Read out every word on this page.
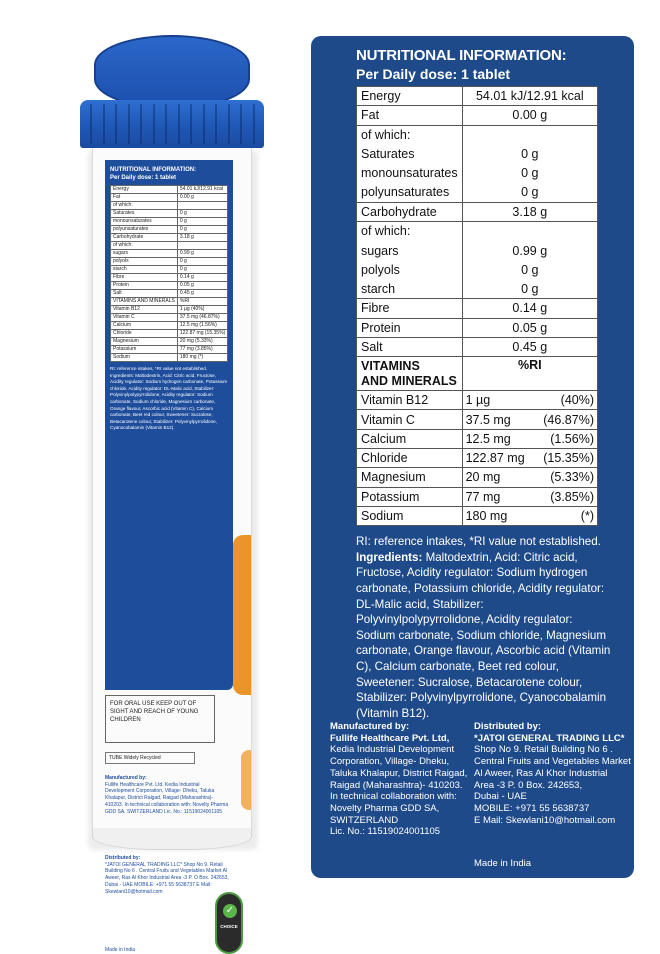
NUTRITIONAL INFORMATION:
Per Daily dose: 1 tablet
Energy	54.01 kJ/12.91 kcal
Fat	0.00 g
of which:	
Saturates	0 g
monounsaturates	0 g
polyunsaturates	0 g
Carbohydrate	3.18 g
of which:	
sugars	0.99 g
polyols	0 g
starch	0 g
Fibre	0.14 g
Protein	0.05 g
Salt	0.45 g
VITAMINS AND MINERALS	%RI
Vitamin B12	1 µg (40%)
Vitamin C	37.5 mg (46.87%)
Calcium	12.5 mg (1.56%)
Chloride	122.87 mg (15.35%)
Magnesium	20 mg (5.33%)
Potassium	77 mg (3.85%)
Sodium	180 mg (*)
RI: reference intakes, *RI value not established. Ingredients: Maltodextrin, Acid: Citric acid, Fructose, Acidity regulator: Sodium hydrogen carbonate, Potassium chloride, Acidity regulator: DL-Malic acid, Stabilizer: Polyvinylpolypyrrolidone, Acidity regulator: Sodium carbonate, Sodium chloride, Magnesium carbonate, Orange flavour, Ascorbic acid (Vitamin C), Calcium carbonate, Beet red colour, Sweetener: Sucralose, Betacarotene colour, Stabilizer: Polyvinylpyrrolidone, Cyanocobalamin (Vitamin B12).
FOR ORAL USE KEEP OUT OF SIGHT AND REACH OF YOUNG CHILDREN
TUBE Widely Recycled
Manufactured by:
Fullife Healthcare Pvt. Ltd. Kedia Industrial Development Corporation, Village- Dheku, Taluka Khalapur, District Raigad, Raigad (Maharashtra)- 410203. In technical collaboration with: Novelty Pharma GDD SA, SWITZERLAND Lic. No.: 11519024001105
Distributed by:
*JATOI GENERAL TRADING LLC* Shop No 9. Retail Building No 6 . Central Fruits and Vegetables Market Al Aweer, Ras Al Khor Industrial Area -3 P. O Box. 242653, Dubai - UAE MOBILE: +971 55 5638737 E Mail: Skewlani10@hotmail.com
Made in India
✓
CHOICE
NUTRITIONAL INFORMATION:
Per Daily dose: 1 tablet
Energy	54.01 kJ/12.91 kcal
Fat	0.00 g
of which:	
Saturates	0 g
monounsaturates	0 g
polyunsaturates	0 g
Carbohydrate	3.18 g
of which:	
sugars	0.99 g
polyols	0 g
starch	0 g
Fibre	0.14 g
Protein	0.05 g
Salt	0.45 g

VITAMINS
AND MINERALS	%RI
Vitamin B12	1 µg (40%)

Vitamin C	37.5 mg (46.87%)

Calcium	12.5 mg (1.56%)

Chloride	122.87 mg (15.35%)

Magnesium	20 mg (5.33%)

Potassium	77 mg (3.85%)

Sodium	180 mg (*)
RI: reference intakes, *RI value not established.
Ingredients: Maltodextrin, Acid: Citric acid, Fructose, Acidity regulator: Sodium hydrogen carbonate, Potassium chloride, Acidity regulator: DL-Malic acid, Stabilizer: Polyvinylpolypyrrolidone, Acidity regulator: Sodium carbonate, Sodium chloride, Magnesium carbonate, Orange flavour, Ascorbic acid (Vitamin C), Calcium carbonate, Beet red colour, Sweetener: Sucralose, Betacarotene colour, Stabilizer: Polyvinylpyrrolidone, Cyanocobalamin (Vitamin B12).
Manufactured by:
Fullife Healthcare Pvt. Ltd,
Kedia Industrial Development
Corporation, Village- Dheku,
Taluka Khalapur, District Raigad,
Raigad (Maharashtra)- 410203.
In technical collaboration with:
Novelty Pharma GDD SA,
SWITZERLAND
Lic. No.: 11519024001105
Distributed by:
*JATOI GENERAL TRADING LLC*
Shop No 9. Retail Building No 6 .
Central Fruits and Vegetables Market
Al Aweer, Ras Al Khor Industrial
Area -3 P. 0 Box. 242653,
Dubai - UAE
MOBILE: +971 55 5638737
E Mail: Skewlani10@hotmail.com
Made in India
